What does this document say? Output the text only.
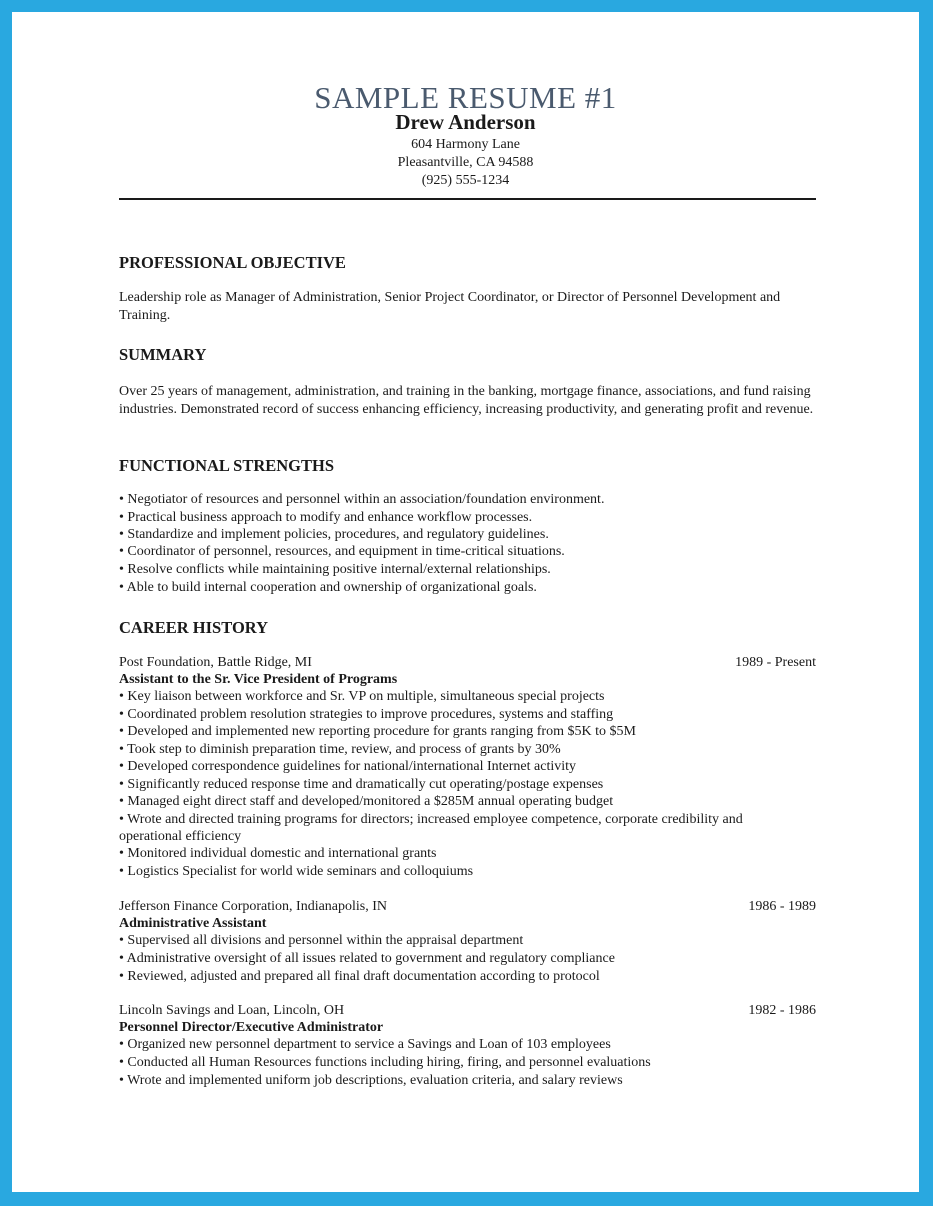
SAMPLE RESUME #1
Drew Anderson
604 Harmony Lane
Pleasantville, CA 94588
(925) 555-1234
PROFESSIONAL OBJECTIVE
Leadership role as Manager of Administration, Senior Project Coordinator, or Director of Personnel Development and Training.
SUMMARY
Over 25 years of management, administration, and training in the banking, mortgage finance, associations, and fund raising industries. Demonstrated record of success enhancing efficiency, increasing productivity, and generating profit and revenue.
FUNCTIONAL STRENGTHS
• Negotiator of resources and personnel within an association/foundation environment.
• Practical business approach to modify and enhance workflow processes.
• Standardize and implement policies, procedures, and regulatory guidelines.
• Coordinator of personnel, resources, and equipment in time-critical situations.
• Resolve conflicts while maintaining positive internal/external relationships.
• Able to build internal cooperation and ownership of organizational goals.
CAREER HISTORY
Post Foundation, Battle Ridge, MI	1989 - Present
Assistant to the Sr. Vice President of Programs
• Key liaison between workforce and Sr. VP on multiple, simultaneous special projects
• Coordinated problem resolution strategies to improve procedures, systems and staffing
• Developed and implemented new reporting procedure for grants ranging from $5K to $5M
• Took step to diminish preparation time, review, and process of grants by 30%
• Developed correspondence guidelines for national/international Internet activity
• Significantly reduced response time and dramatically cut operating/postage expenses
• Managed eight direct staff and developed/monitored a $285M annual operating budget
• Wrote and directed training programs for directors; increased employee competence, corporate credibility and
operational efficiency
• Monitored individual domestic and international grants
• Logistics Specialist for world wide seminars and colloquiums
Jefferson Finance Corporation, Indianapolis, IN	1986 - 1989
Administrative Assistant
• Supervised all divisions and personnel within the appraisal department
• Administrative oversight of all issues related to government and regulatory compliance
• Reviewed, adjusted and prepared all final draft documentation according to protocol
Lincoln Savings and Loan, Lincoln, OH	1982 - 1986
Personnel Director/Executive Administrator
• Organized new personnel department to service a Savings and Loan of 103 employees
• Conducted all Human Resources functions including hiring, firing, and personnel evaluations
• Wrote and implemented uniform job descriptions, evaluation criteria, and salary reviews
